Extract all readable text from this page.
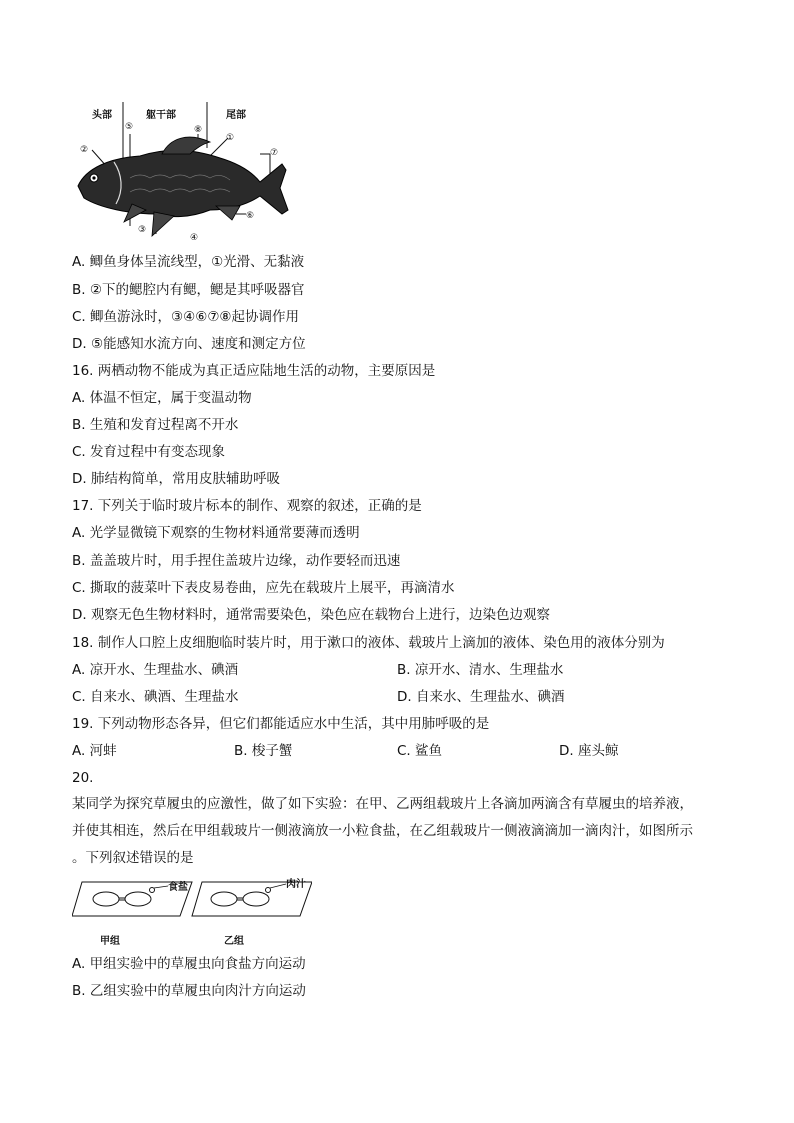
头部	躯干部	尾部
⑤	⑧
①
②	⑦
⑥
③
④
A. 鲫鱼身体呈流线型，①光滑、无黏液
B. ②下的鳃腔内有鳃，鳃是其呼吸器官
C. 鲫鱼游泳时，③④⑥⑦⑧起协调作用
D. ⑤能感知水流方向、速度和测定方位
16. 两栖动物不能成为真正适应陆地生活的动物，主要原因是
A. 体温不恒定，属于变温动物
B. 生殖和发育过程离不开水
C. 发育过程中有变态现象
D. 肺结构简单，常用皮肤辅助呼吸
17. 下列关于临时玻片标本的制作、观察的叙述，正确的是
A. 光学显微镜下观察的生物材料通常要薄而透明
B. 盖盖玻片时，用手捏住盖玻片边缘，动作要轻而迅速
C. 撕取的菠菜叶下表皮易卷曲，应先在载玻片上展平，再滴清水
D. 观察无色生物材料时，通常需要染色，染色应在载物台上进行，边染色边观察
18. 制作人口腔上皮细胞临时装片时，用于漱口的液体、载玻片上滴加的液体、染色用的液体分别为
A. 凉开水、生理盐水、碘酒	B. 凉开水、清水、生理盐水
C. 自来水、碘酒、生理盐水	D. 自来水、生理盐水、碘酒
19. 下列动物形态各异，但它们都能适应水中生活，其中用肺呼吸的是
A. 河蚌	B. 梭子蟹	C. 鲨鱼	D. 座头鲸
20.
某同学为探究草履虫的应激性，做了如下实验：在甲、乙两组载玻片上各滴加两滴含有草履虫的培养液，
并使其相连，然后在甲组载玻片一侧液滴放一小粒食盐，在乙组载玻片一侧液滴滴加一滴肉汁，如图所示
。下列叙述错误的是
食盐	肉汁
甲组	乙组
A. 甲组实验中的草履虫向食盐方向运动
B. 乙组实验中的草履虫向肉汁方向运动
